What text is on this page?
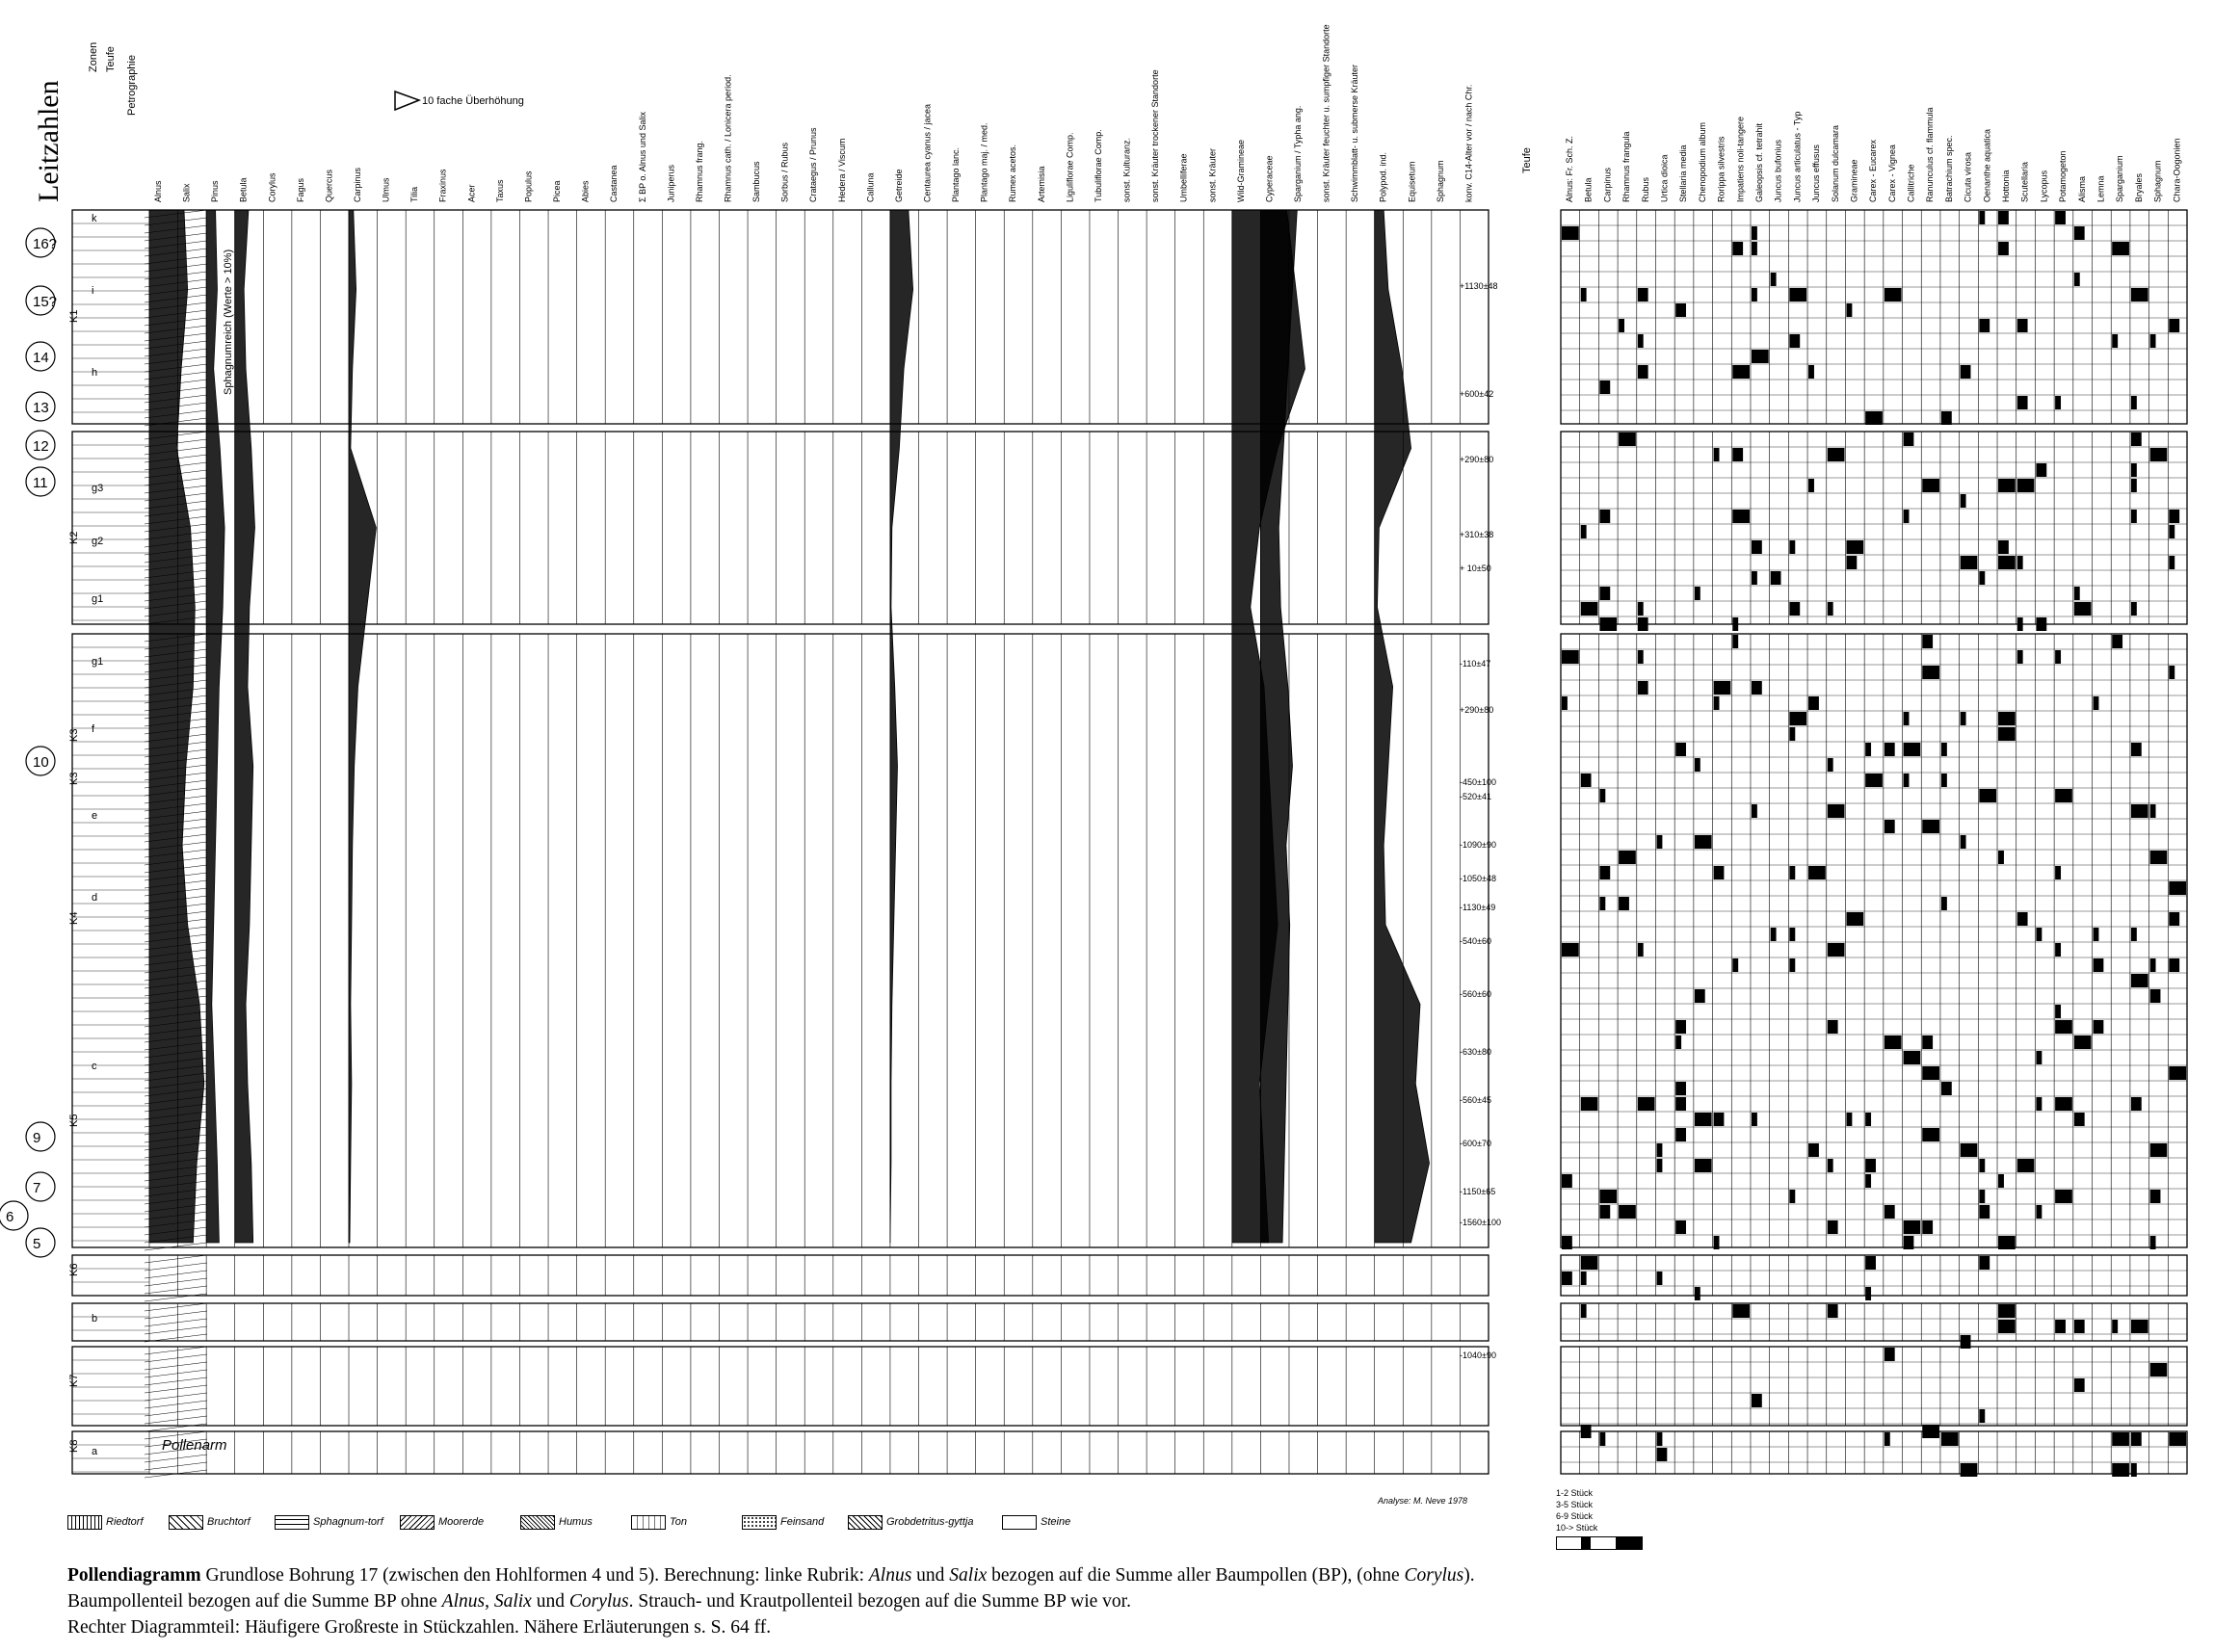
Leitzahlen
Zonen Teufe Petrographie	10 fache Überhöhung
Teufe
Alnus Salix Pinus Betula Corylus Fagus Quercus Carpinus Ulmus Tilia Fraxinus Acer Taxus Populus Picea Abies Castanea Σ BP o. Alnus und Salix Juniperus Rhamnus frang. Rhamnus cath. / Lonicera period. Sambucus Sorbus / Rubus Crataegus / Prunus Hedera / Viscum Calluna Getreide Centaurea cyanus / jacea Plantago lanc. Plantago maj. / med. Rumex acetos. Artemisia Liguliflorae Comp. Tubuliflorae Comp. sonst. Kulturanz. sonst. Kräuter trockener Standorte Umbelliferae sonst. Kräuter Wild-Gramineae Cyperaceae Sparganium / Typha ang. sonst. Kräuter feuchter u. sumpfiger Standorte Schwimmblatt- u. submerse Kräuter Polypod. ind. Equisetum Sphagnum konv. C14-Alter vor / nach Chr.	Alnus: Fr. Sch. Z. Betula Carpinus Rhamnus frangula Rubus Urtica dioica Stellaria media Chenopodium album Rorippa silvestris Impatiens noli-tangere Galeopsis cf. tetrahit Juncus bufonius Juncus articulatus - Typ Juncus effusus Solanum dulcamara Gramineae Carex - Eucarex Carex - Vignea Callitriche Ranunculus cf. flammula Batrachium spec. Cicuta virosa Oenanthe aquatica Hottonia Scutellaria Lycopus Potamogeton Alisma Lemna Sparganium Bryales Sphagnum Chara-Oogonien
16?
15?
14
13
12
11
10
9
7
6
5
K1
K2
K3
K3
K4
K5
K6
K7
K8
k
i
h
g3
g2
g1
g1
f
e
d
c
b
a
Sphagnumreich (Werte > 10%)
Pollenarm
+1130±48
+600±42
+290±80
+310±38
+ 10±50
-110±47
+290±80
-450±100
-520±41
-1090±90
-1050±48
-1130±49
-540±60
-560±60
-630±80
-560±45
-600±70
-1150±65
-1560±100
-1040±90
Riedtorf	Bruchtorf	Sphagnum-torf	Moorerde	Humus	Ton	Feinsand	Grobdetritus-gyttja	Steine
Analyse: M. Neve 1978
1-2 Stück
3-5 Stück
6-9 Stück
10-> Stück
Pollendiagramm Grundlose Bohrung 17 (zwischen den Hohlformen 4 und 5). Berechnung: linke Rubrik: Alnus und Salix bezogen auf die Summe aller Baumpollen (BP), (ohne Corylus). Baumpollenteil bezogen auf die Summe BP ohne Alnus, Salix und Corylus. Strauch- und Krautpollenteil bezogen auf die Summe BP wie vor.
Rechter Diagrammteil: Häufigere Großreste in Stückzahlen. Nähere Erläuterungen s. S. 64 ff.
